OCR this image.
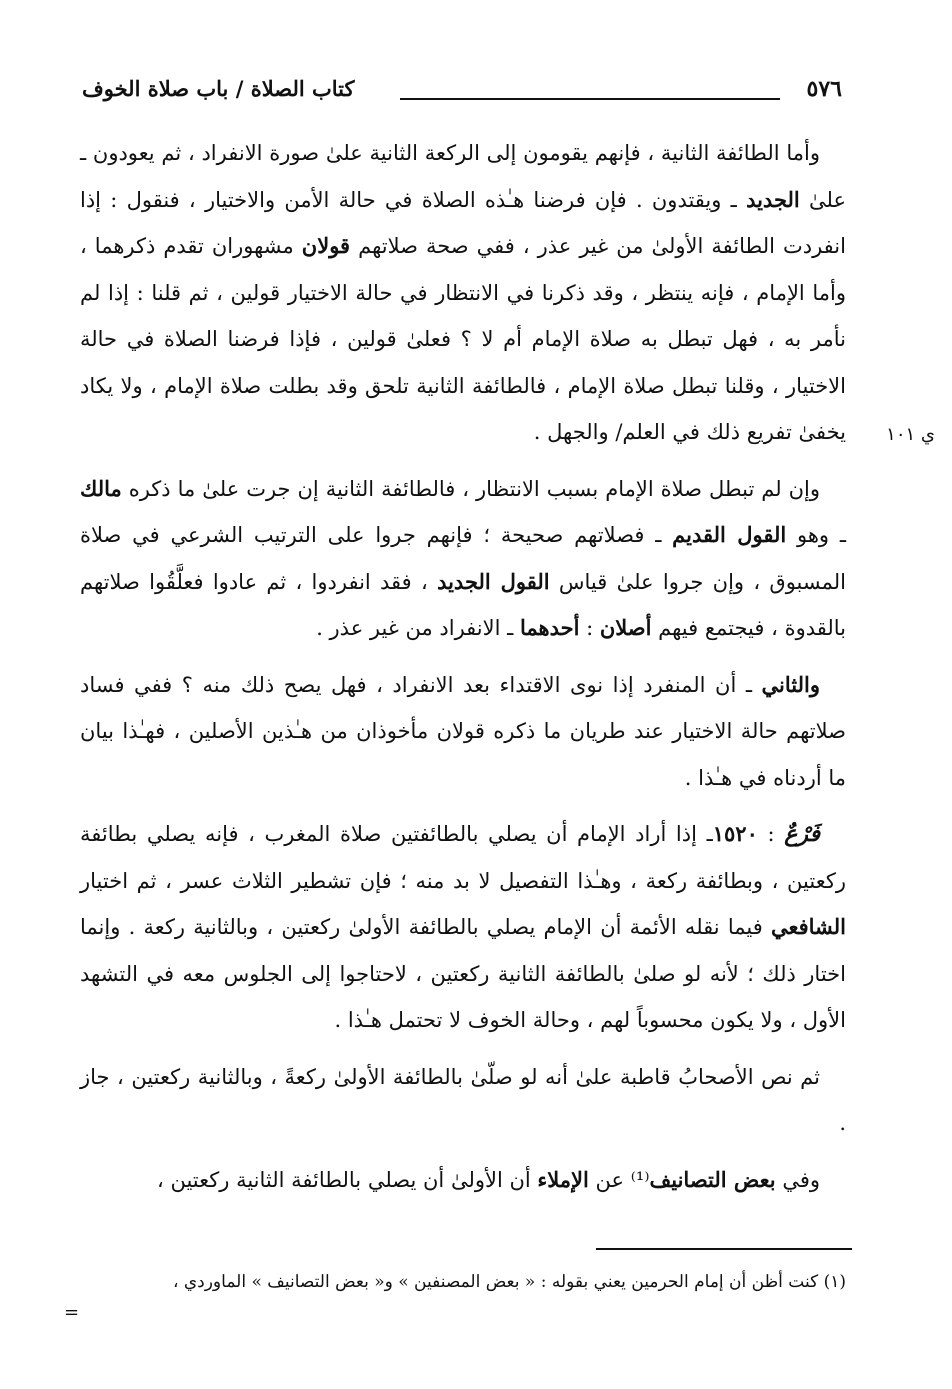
٥٧٦
كتاب الصلاة / باب صلاة الخوف
ي ١٠١

وأما الطائفة الثانية ، فإنهم يقومون إلى الركعة الثانية علىٰ صورة الانفراد ، ثم يعودون ـ علىٰ الجديد ـ ويقتدون . فإن فرضنا هـٰذه الصلاة في حالة الأمن والاختيار ، فنقول : إذا انفردت الطائفة الأولىٰ من غير عذر ، ففي صحة صلاتهم قولان مشهوران تقدم ذكرهما ، وأما الإمام ، فإنه ينتظر ، وقد ذكرنا في الانتظار في حالة الاختيار قولين ، ثم قلنا : إذا لم نأمر به ، فهل تبطل به صلاة الإمام أم لا ؟ فعلىٰ قولين ، فإذا فرضنا الصلاة في حالة الاختيار ، وقلنا تبطل صلاة الإمام ، فالطائفة الثانية تلحق وقد بطلت صلاة الإمام ، ولا يكاد يخفىٰ تفريع ذلك في العلم/ والجهل .

وإن لم تبطل صلاة الإمام بسبب الانتظار ، فالطائفة الثانية إن جرت علىٰ ما ذكره مالك ـ وهو القول القديم ـ فصلاتهم صحيحة ؛ فإنهم جروا على الترتيب الشرعي في صلاة المسبوق ، وإن جروا علىٰ قياس القول الجديد ، فقد انفردوا ، ثم عادوا فعلَّقُوا صلاتهم بالقدوة ، فيجتمع فيهم أصلان : أحدهما ـ الانفراد من غير عذر .

والثاني ـ أن المنفرد إذا نوى الاقتداء بعد الانفراد ، فهل يصح ذلك منه ؟ ففي فساد صلاتهم حالة الاختيار عند طريان ما ذكره قولان مأخوذان من هـٰذين الأصلين ، فهـٰذا بيان ما أردناه في هـٰذا .

فَرْعٌ : ١٥٢٠ـ إذا أراد الإمام أن يصلي بالطائفتين صلاة المغرب ، فإنه يصلي بطائفة ركعتين ، وبطائفة ركعة ، وهـٰذا التفصيل لا بد منه ؛ فإن تشطير الثلاث عسر ، ثم اختيار الشافعي فيما نقله الأئمة أن الإمام يصلي بالطائفة الأولىٰ ركعتين ، وبالثانية ركعة . وإنما اختار ذلك ؛ لأنه لو صلىٰ بالطائفة الثانية ركعتين ، لاحتاجوا إلى الجلوس معه في التشهد الأول ، ولا يكون محسوباً لهم ، وحالة الخوف لا تحتمل هـٰذا .

ثم نص الأصحابُ قاطبة علىٰ أنه لو صلّىٰ بالطائفة الأولىٰ ركعةً ، وبالثانية ركعتين ، جاز .

وفي بعض التصانيف⁽¹⁾ عن الإملاء أن الأولىٰ أن يصلي بالطائفة الثانية ركعتين ،

(١) كنت أظن أن إمام الحرمين يعني بقوله : « بعض المصنفين » و« بعض التصانيف » الماوردي ،
=
